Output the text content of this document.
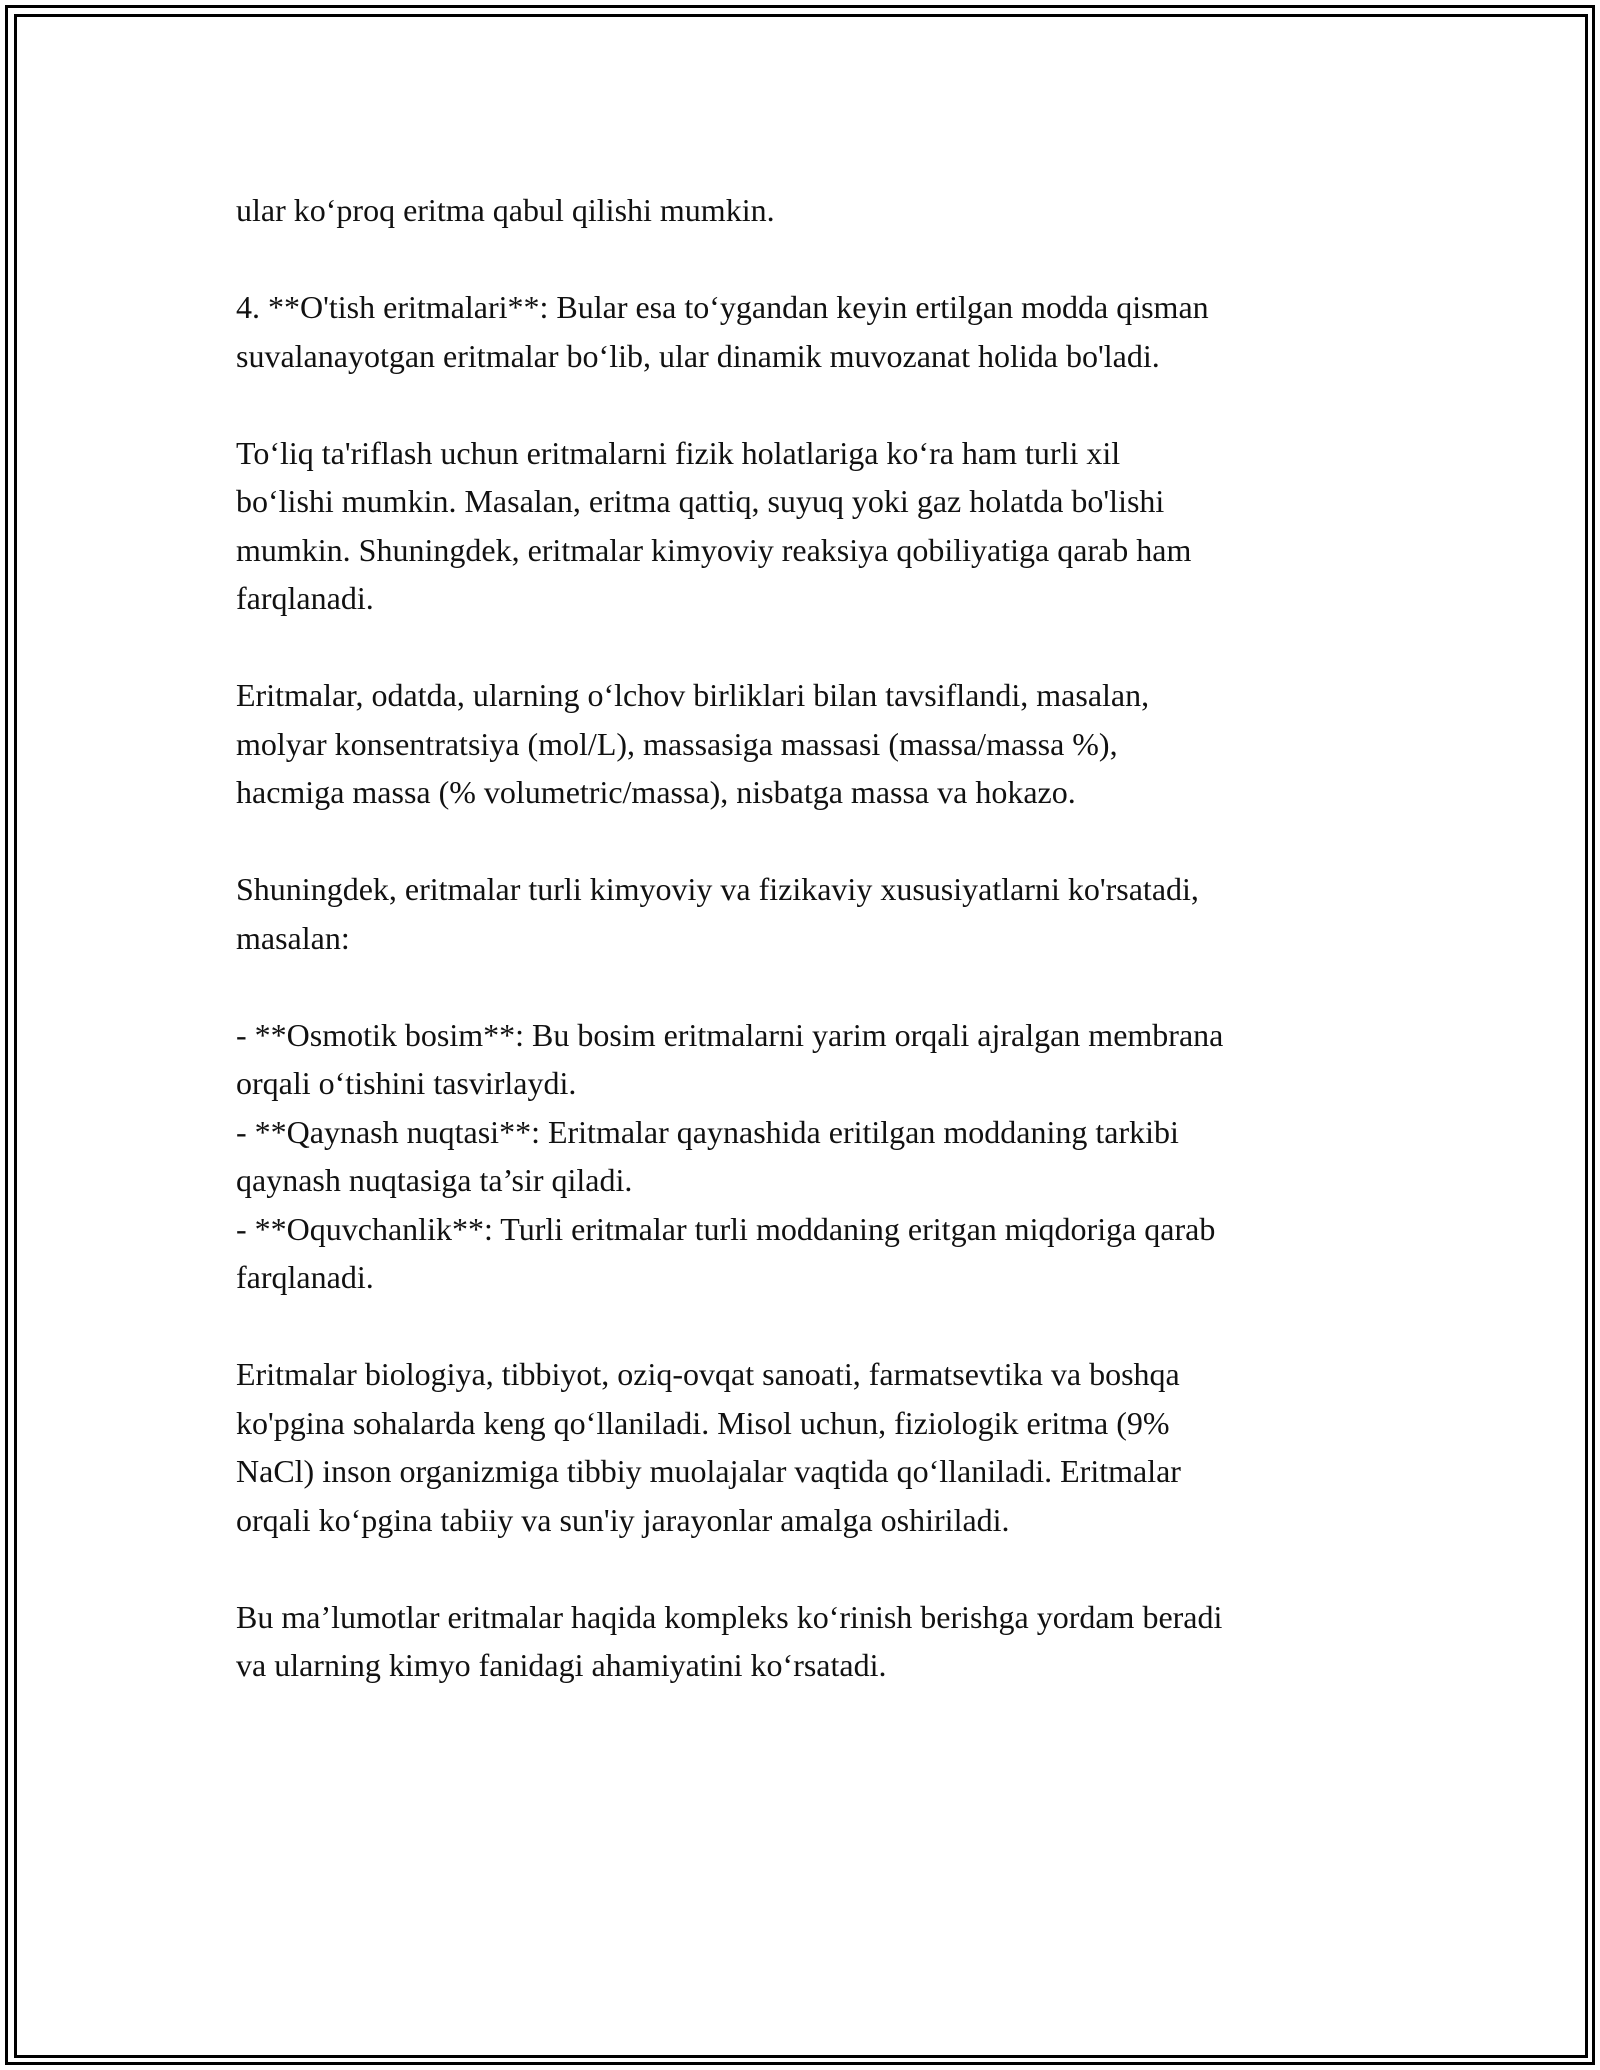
ular ko‘proq eritma qabul qilishi mumkin.

4. **O'tish eritmalari**: Bular esa to‘ygandan keyin ertilgan modda qisman
suvalanayotgan eritmalar bo‘lib, ular dinamik muvozanat holida bo'ladi.

To‘liq ta'riflash uchun eritmalarni fizik holatlariga ko‘ra ham turli xil
bo‘lishi mumkin. Masalan, eritma qattiq, suyuq yoki gaz holatda bo'lishi
mumkin. Shuningdek, eritmalar kimyoviy reaksiya qobiliyatiga qarab ham
farqlanadi.

Eritmalar, odatda, ularning o‘lchov birliklari bilan tavsiflandi, masalan,
molyar konsentratsiya (mol/L), massasiga massasi (massa/massa %),
hacmiga massa (% volumetric/massa), nisbatga massa va hokazo.

Shuningdek, eritmalar turli kimyoviy va fizikaviy xususiyatlarni ko'rsatadi,
masalan:

- **Osmotik bosim**: Bu bosim eritmalarni yarim orqali ajralgan membrana
orqali o‘tishini tasvirlaydi.
- **Qaynash nuqtasi**: Eritmalar qaynashida eritilgan moddaning tarkibi
qaynash nuqtasiga ta’sir qiladi.
- **Oquvchanlik**: Turli eritmalar turli moddaning eritgan miqdoriga qarab
farqlanadi.

Eritmalar biologiya, tibbiyot, oziq-ovqat sanoati, farmatsevtika va boshqa
ko'pgina sohalarda keng qo‘llaniladi. Misol uchun, fiziologik eritma (9%
NaCl) inson organizmiga tibbiy muolajalar vaqtida qo‘llaniladi. Eritmalar
orqali ko‘pgina tabiiy va sun'iy jarayonlar amalga oshiriladi.

Bu ma’lumotlar eritmalar haqida kompleks ko‘rinish berishga yordam beradi
va ularning kimyo fanidagi ahamiyatini ko‘rsatadi.
